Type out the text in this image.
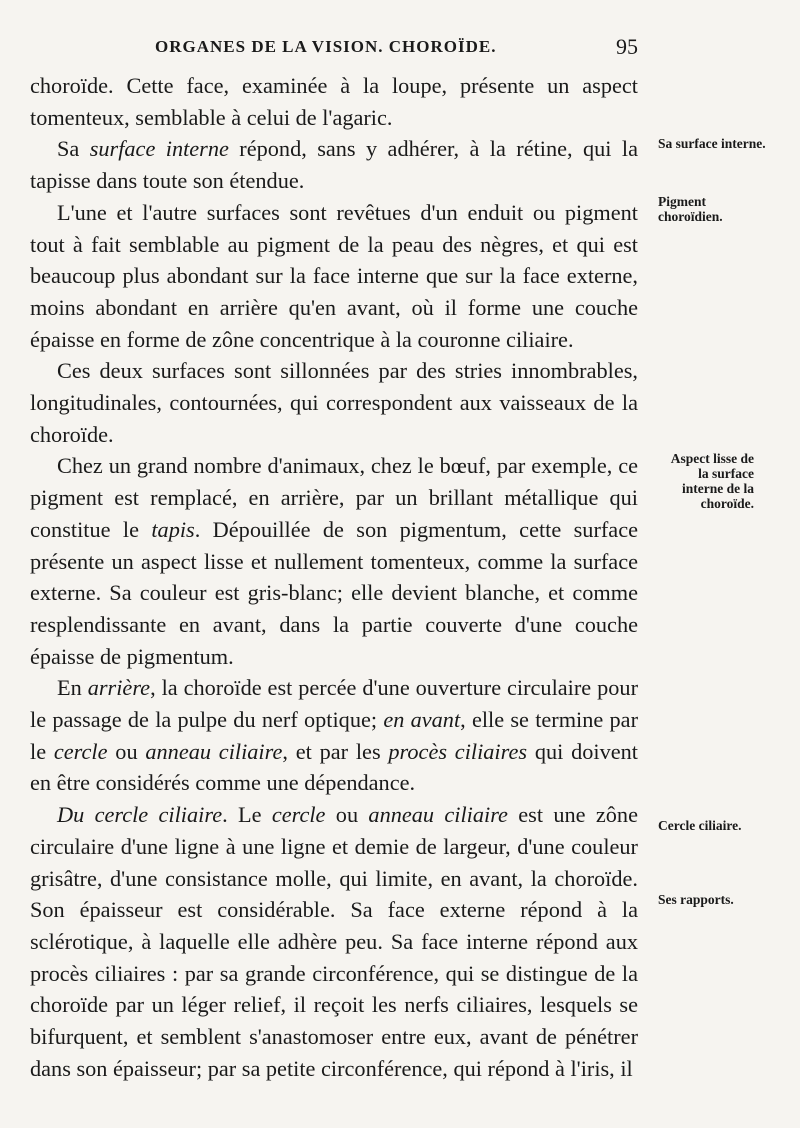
ORGANES DE LA VISION. CHOROÏDE.	95

choroïde. Cette face, examinée à la loupe, présente un aspect tomenteux, semblable à celui de l'agaric.

Sa surface interne répond, sans y adhérer, à la rétine, qui la tapisse dans toute son étendue.

L'une et l'autre surfaces sont revêtues d'un enduit ou pigment tout à fait semblable au pigment de la peau des nègres, et qui est beaucoup plus abondant sur la face interne que sur la face externe, moins abondant en arrière qu'en avant, où il forme une couche épaisse en forme de zône concentrique à la couronne ciliaire.

Ces deux surfaces sont sillonnées par des stries innombrables, longitudinales, contournées, qui correspondent aux vaisseaux de la choroïde.

Chez un grand nombre d'animaux, chez le bœuf, par exemple, ce pigment est remplacé, en arrière, par un brillant métallique qui constitue le tapis. Dépouillée de son pigmentum, cette surface présente un aspect lisse et nullement tomenteux, comme la surface externe. Sa couleur est gris-blanc; elle devient blanche, et comme resplendissante en avant, dans la partie couverte d'une couche épaisse de pigmentum.

En arrière, la choroïde est percée d'une ouverture circulaire pour le passage de la pulpe du nerf optique; en avant, elle se termine par le cercle ou anneau ciliaire, et par les procès ciliaires qui doivent en être considérés comme une dépendance.

Du cercle ciliaire. Le cercle ou anneau ciliaire est une zône circulaire d'une ligne à une ligne et demie de largeur, d'une couleur grisâtre, d'une consistance molle, qui limite, en avant, la choroïde. Son épaisseur est considérable. Sa face externe répond à la sclérotique, à laquelle elle adhère peu. Sa face interne répond aux procès ciliaires : par sa grande circonférence, qui se distingue de la choroïde par un léger relief, il reçoit les nerfs ciliaires, lesquels se bifurquent, et semblent s'anastomoser entre eux, avant de pénétrer dans son épaisseur; par sa petite circonférence, qui répond à l'iris, il

Sa surface interne.
Pigment choroïdien.
Aspect lisse de la surface interne de la choroïde.
Cercle ciliaire.
Ses rapports.
